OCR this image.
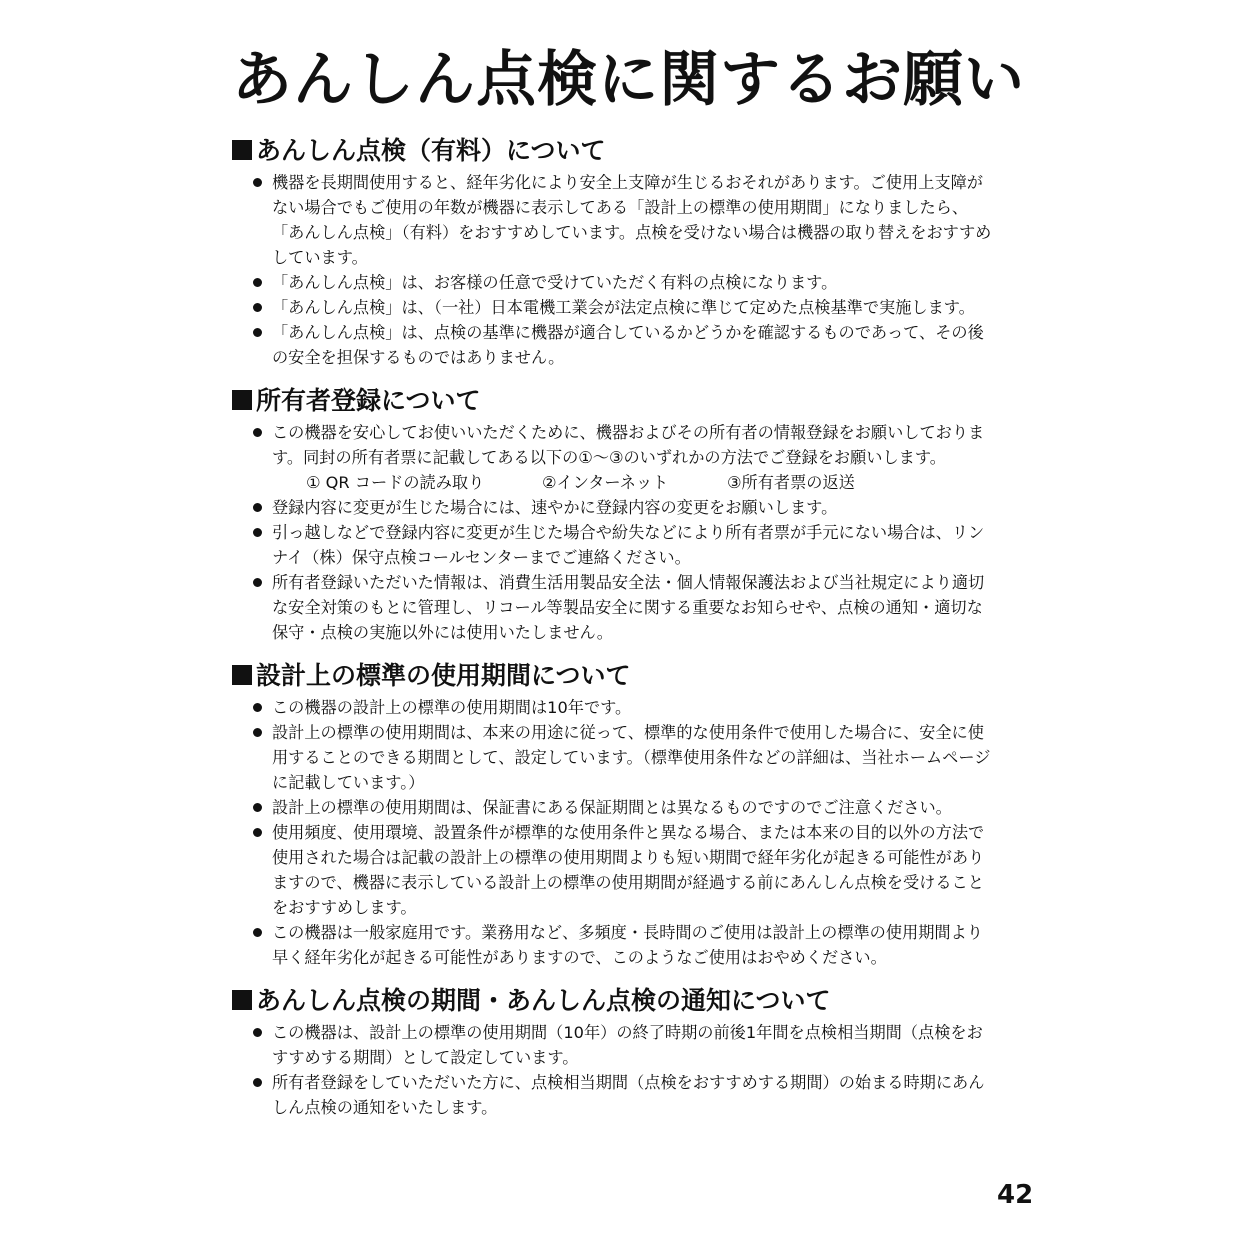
あんしん点検に関するお願い
あんしん点検（有料）について
機器を長期間使用すると、経年劣化により安全上支障が生じるおそれがあります。ご使用上支障がない場合でもご使用の年数が機器に表示してある「設計上の標準の使用期間」になりましたら、「あんしん点検」（有料）をおすすめしています。点検を受けない場合は機器の取り替えをおすすめしています。
「あんしん点検」は、お客様の任意で受けていただく有料の点検になります。
「あんしん点検」は、（一社）日本電機工業会が法定点検に準じて定めた点検基準で実施します。
「あんしん点検」は、点検の基準に機器が適合しているかどうかを確認するものであって、その後の安全を担保するものではありません。
所有者登録について
この機器を安心してお使いいただくために、機器およびその所有者の情報登録をお願いしております。同封の所有者票に記載してある以下の①～③のいずれかの方法でご登録をお願いします。
① QR コードの読み取り	②インターネット	③所有者票の返送
登録内容に変更が生じた場合には、速やかに登録内容の変更をお願いします。
引っ越しなどで登録内容に変更が生じた場合や紛失などにより所有者票が手元にない場合は、リンナイ（株）保守点検コールセンターまでご連絡ください。
所有者登録いただいた情報は、消費生活用製品安全法・個人情報保護法および当社規定により適切な安全対策のもとに管理し、リコール等製品安全に関する重要なお知らせや、点検の通知・適切な保守・点検の実施以外には使用いたしません。
設計上の標準の使用期間について
この機器の設計上の標準の使用期間は10年です。
設計上の標準の使用期間は、本来の用途に従って、標準的な使用条件で使用した場合に、安全に使用することのできる期間として、設定しています。（標準使用条件などの詳細は、当社ホームページに記載しています。）
設計上の標準の使用期間は、保証書にある保証期間とは異なるものですのでご注意ください。
使用頻度、使用環境、設置条件が標準的な使用条件と異なる場合、または本来の目的以外の方法で使用された場合は記載の設計上の標準の使用期間よりも短い期間で経年劣化が起きる可能性がありますので、機器に表示している設計上の標準の使用期間が経過する前にあんしん点検を受けることをおすすめします。
この機器は一般家庭用です。業務用など、多頻度・長時間のご使用は設計上の標準の使用期間より早く経年劣化が起きる可能性がありますので、このようなご使用はおやめください。
あんしん点検の期間・あんしん点検の通知について
この機器は、設計上の標準の使用期間（10年）の終了時期の前後1年間を点検相当期間（点検をおすすめする期間）として設定しています。
所有者登録をしていただいた方に、点検相当期間（点検をおすすめする期間）の始まる時期にあんしん点検の通知をいたします。
42
